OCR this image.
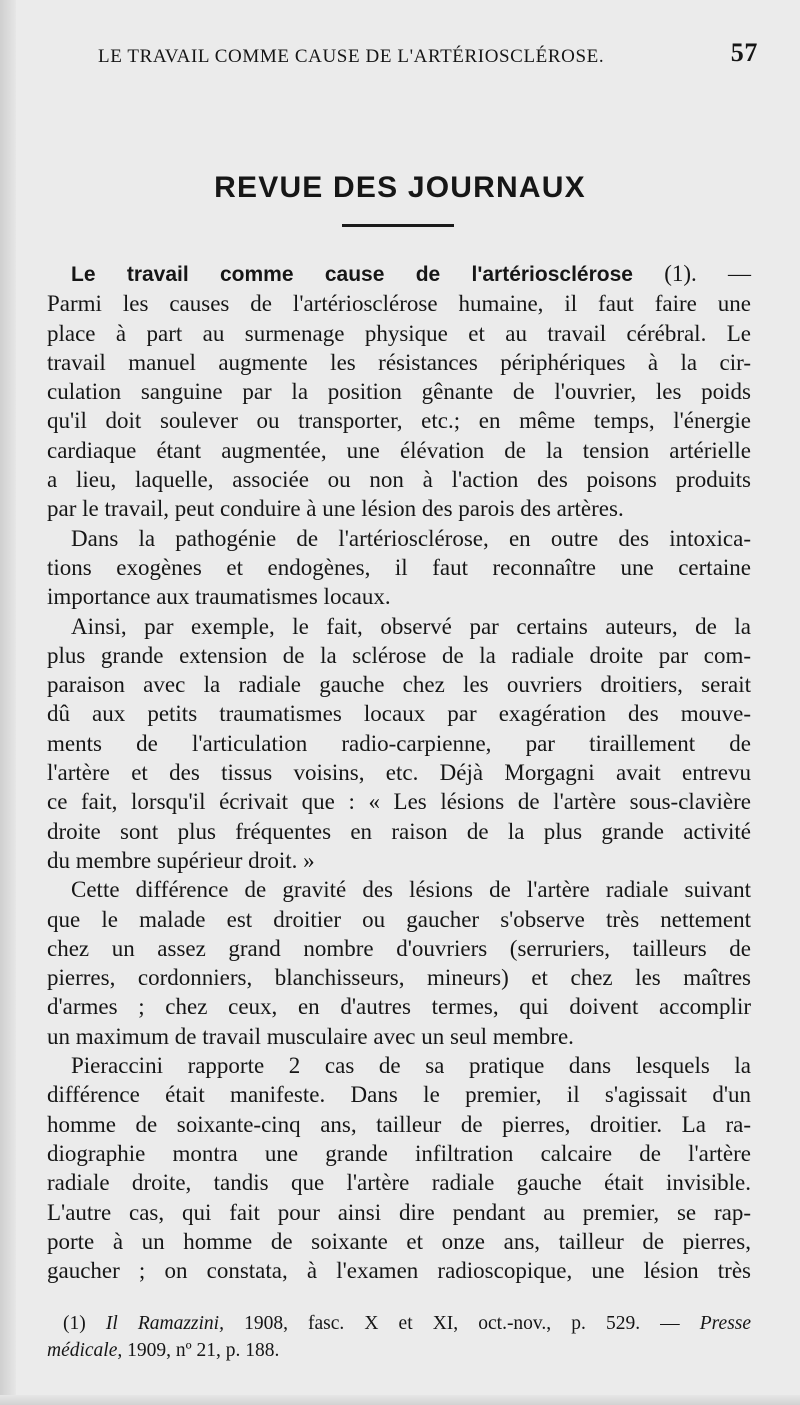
LE TRAVAIL COMME CAUSE DE L'ARTÉRIOSCLÉROSE.	57
REVUE DES JOURNAUX
Le travail comme cause de l'artériosclérose (1). —
Parmi les causes de l'artériosclérose humaine, il faut faire une
place à part au surmenage physique et au travail cérébral. Le
travail manuel augmente les résistances périphériques à la cir-
culation sanguine par la position gênante de l'ouvrier, les poids
qu'il doit soulever ou transporter, etc.; en même temps, l'énergie
cardiaque étant augmentée, une élévation de la tension artérielle
a lieu, laquelle, associée ou non à l'action des poisons produits
par le travail, peut conduire à une lésion des parois des artères.
Dans la pathogénie de l'artériosclérose, en outre des intoxica-
tions exogènes et endogènes, il faut reconnaître une certaine
importance aux traumatismes locaux.
Ainsi, par exemple, le fait, observé par certains auteurs, de la
plus grande extension de la sclérose de la radiale droite par com-
paraison avec la radiale gauche chez les ouvriers droitiers, serait
dû aux petits traumatismes locaux par exagération des mouve-
ments de l'articulation radio-carpienne, par tiraillement de
l'artère et des tissus voisins, etc. Déjà Morgagni avait entrevu
ce fait, lorsqu'il écrivait que : « Les lésions de l'artère sous-clavière
droite sont plus fréquentes en raison de la plus grande activité
du membre supérieur droit. »
Cette différence de gravité des lésions de l'artère radiale suivant
que le malade est droitier ou gaucher s'observe très nettement
chez un assez grand nombre d'ouvriers (serruriers, tailleurs de
pierres, cordonniers, blanchisseurs, mineurs) et chez les maîtres
d'armes ; chez ceux, en d'autres termes, qui doivent accomplir
un maximum de travail musculaire avec un seul membre.
Pieraccini rapporte 2 cas de sa pratique dans lesquels la
différence était manifeste. Dans le premier, il s'agissait d'un
homme de soixante-cinq ans, tailleur de pierres, droitier. La ra-
diographie montra une grande infiltration calcaire de l'artère
radiale droite, tandis que l'artère radiale gauche était invisible.
L'autre cas, qui fait pour ainsi dire pendant au premier, se rap-
porte à un homme de soixante et onze ans, tailleur de pierres,
gaucher ; on constata, à l'examen radioscopique, une lésion très
(1) Il Ramazzini, 1908, fasc. X et XI, oct.-nov., p. 529. — Presse
médicale, 1909, nº 21, p. 188.
